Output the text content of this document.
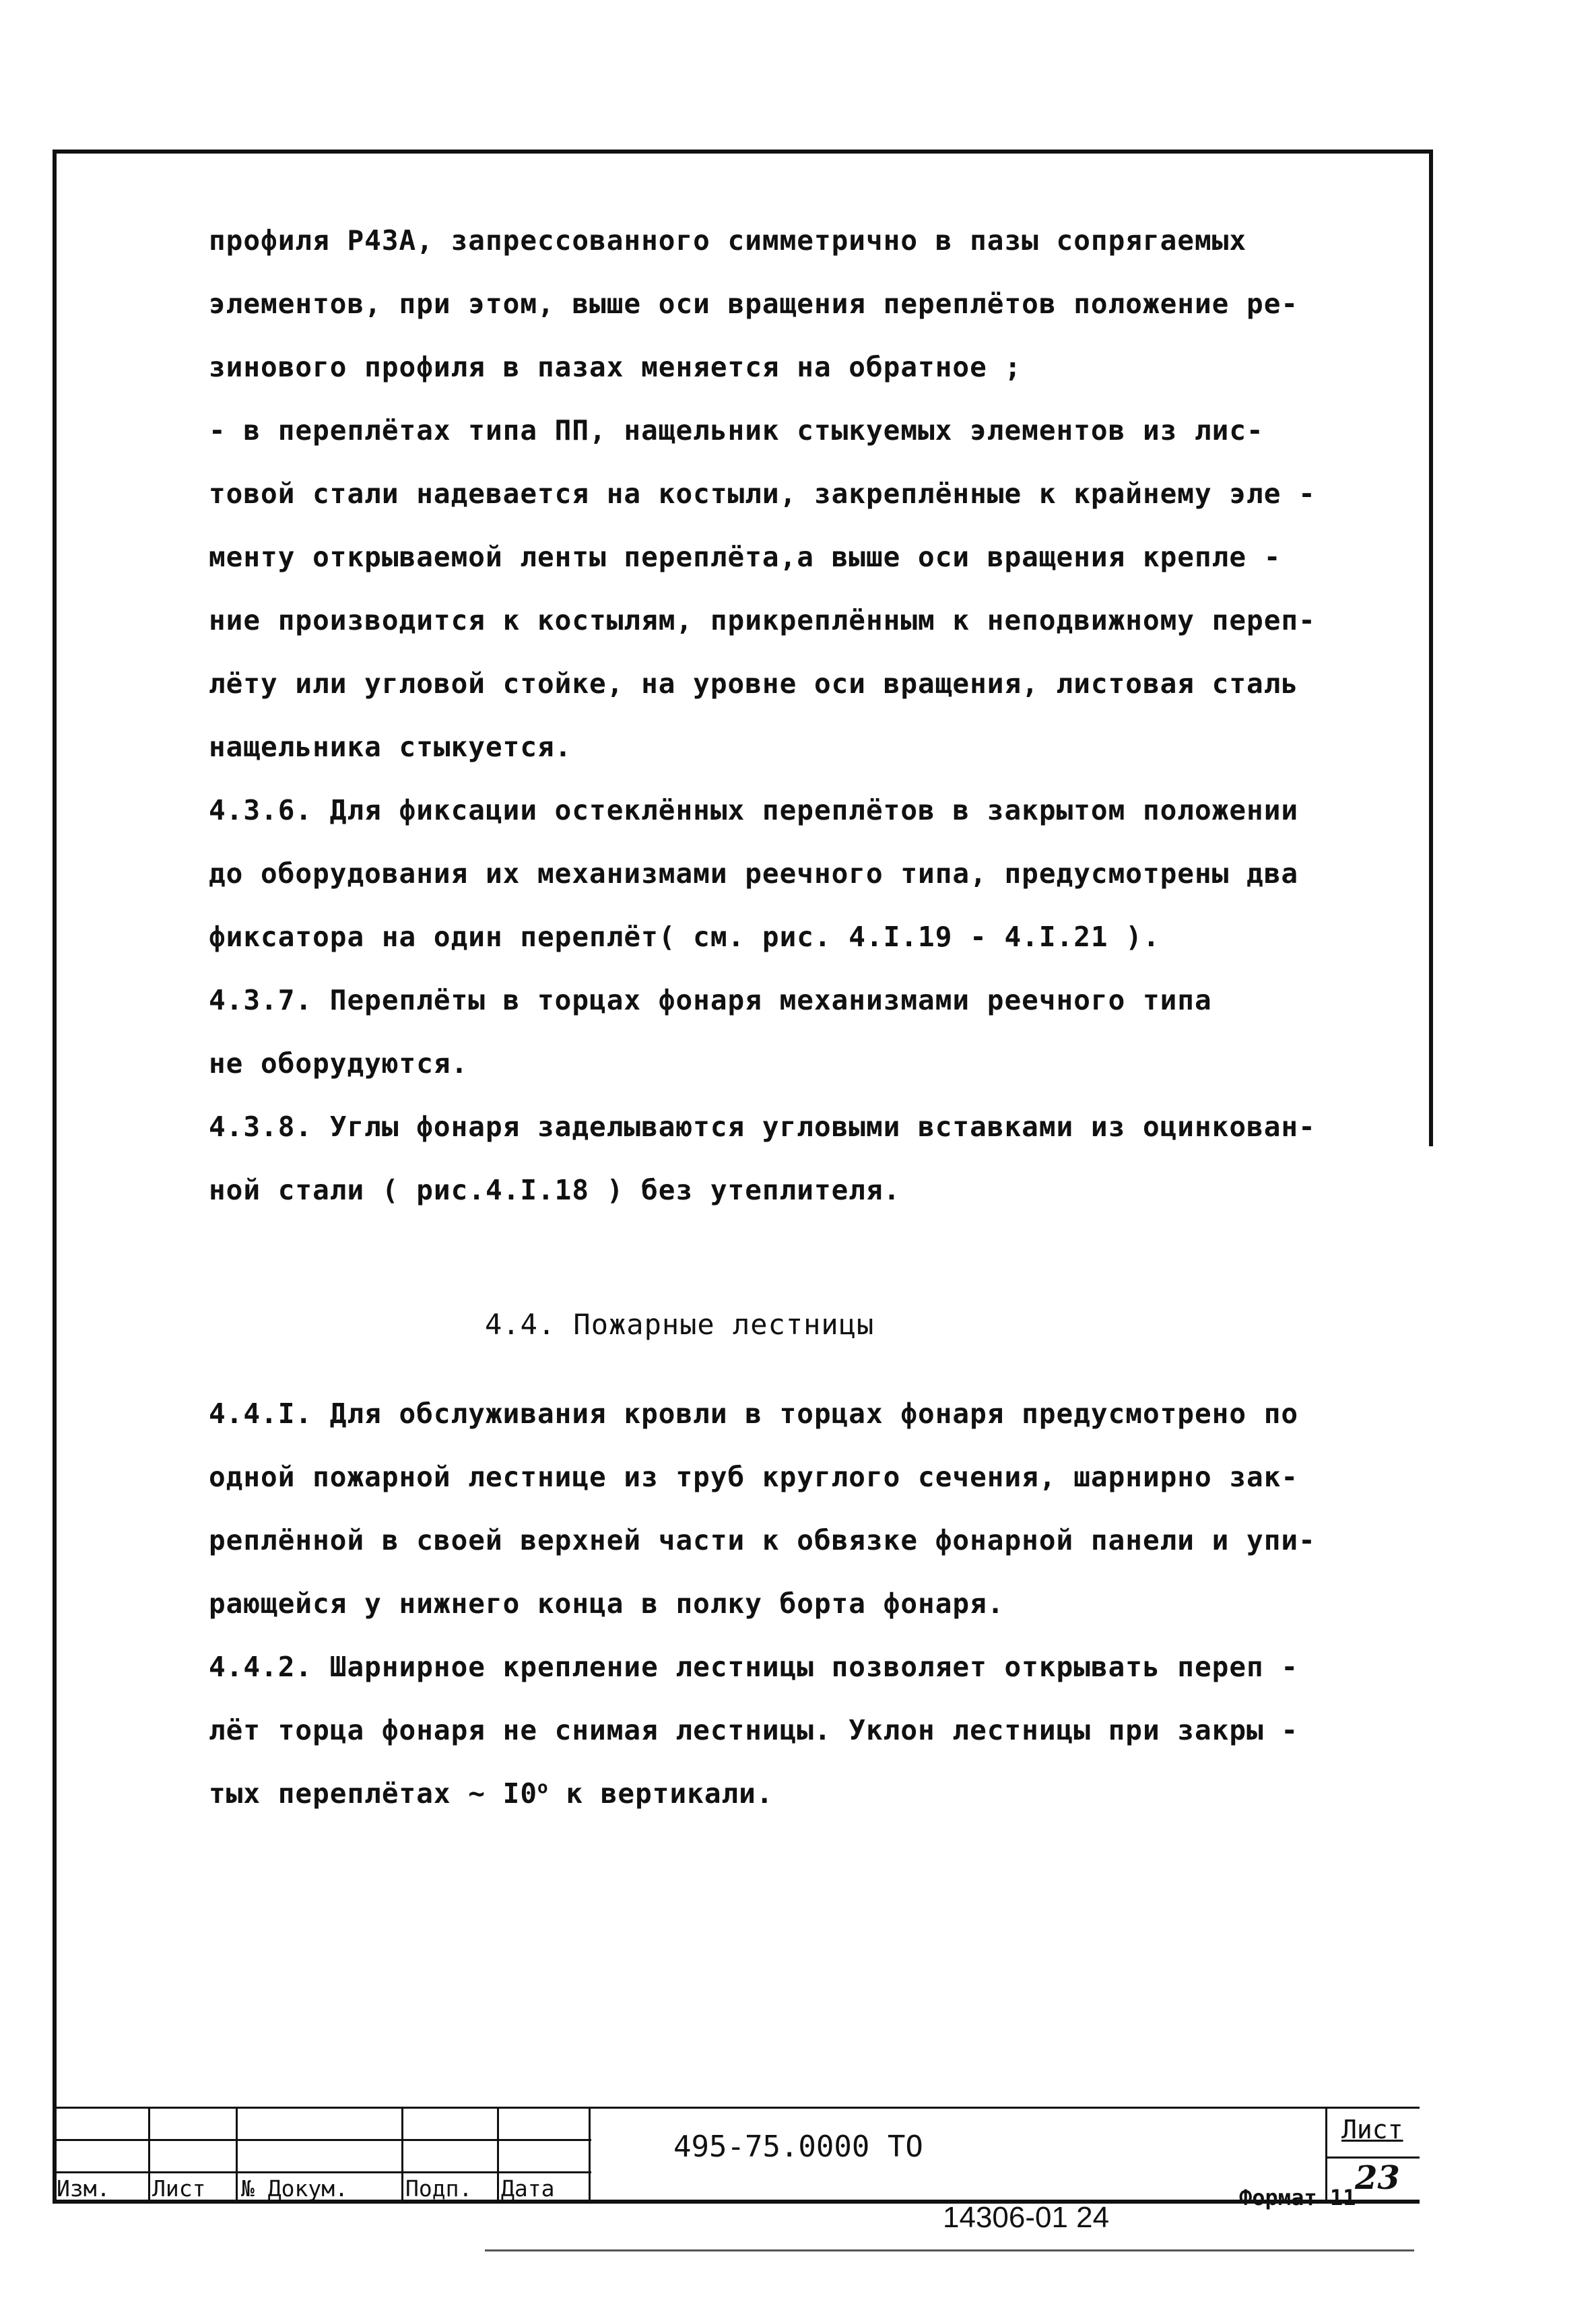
профиля Р43А, запрессованного симметрично в пазы сопрягаемых
элементов, при этом, выше оси вращения переплётов положение ре-
зинового профиля в пазах меняется на обратное ;
- в переплётах типа ПП, нащельник стыкуемых элементов из лис-
товой стали надевается на костыли, закреплённые к крайнему эле -
менту открываемой ленты переплёта,а выше оси вращения крепле -
ние производится к костылям, прикреплённым к неподвижному переп-
лёту или угловой стойке, на уровне оси вращения, листовая сталь
нащельника стыкуется.
4.3.6. Для фиксации остеклённых переплётов в закрытом положении
до оборудования их механизмами реечного типа, предусмотрены два
фиксатора на один переплёт( см. рис. 4.I.19 - 4.I.21 ).
4.3.7. Переплёты в торцах фонаря механизмами реечного типа
не оборудуются.
4.3.8. Углы фонаря заделываются угловыми вставками из оцинкован-
ной стали ( рис.4.I.18 ) без утеплителя.
4.4. Пожарные лестницы
4.4.I. Для обслуживания кровли в торцах фонаря предусмотрено по
одной пожарной лестнице из труб круглого сечения, шарнирно зак-
реплённой в своей верхней части к обвязке фонарной панели и упи-
рающейся у нижнего конца в полку борта фонаря.
4.4.2. Шарнирное крепление лестницы позволяет открывать переп -
лёт торца фонаря не снимая лестницы. Уклон лестницы при закры -
тых переплётах ~ $I0^о$ к вертикали.
Изм. Лист № Докум.	Подп. Дата
495-75.0000 ТО	Лист
23
14306-01 24
Формат 11
